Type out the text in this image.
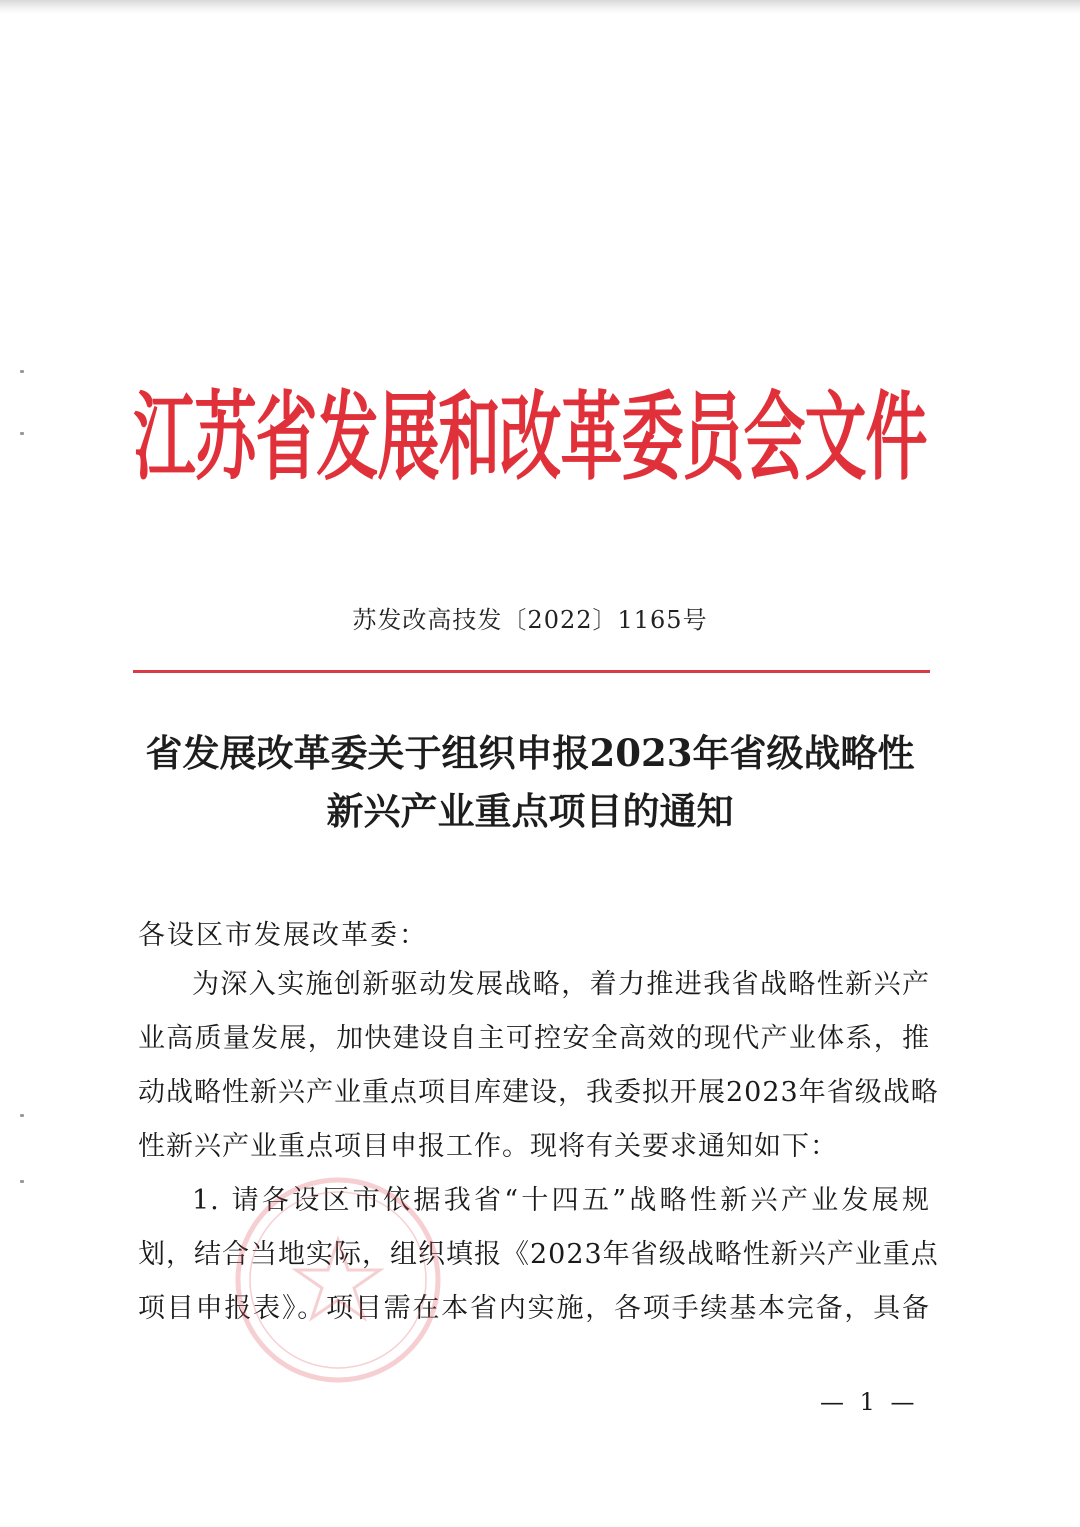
江苏省发展和改革委员会文件
苏发改高技发〔2022〕1165号
省发展改革委关于组织申报2023年省级战略性
新兴产业重点项目的通知
各设区市发展改革委：
为深入实施创新驱动发展战略，着力推进我省战略性新兴产
业高质量发展，加快建设自主可控安全高效的现代产业体系，推
动战略性新兴产业重点项目库建设，我委拟开展2023年省级战略
性新兴产业重点项目申报工作。现将有关要求通知如下：
1. 请各设区市依据我省“十四五”战略性新兴产业发展规
划，结合当地实际，组织填报《2023年省级战略性新兴产业重点
项目申报表》。项目需在本省内实施，各项手续基本完备，具备
— 1 —
